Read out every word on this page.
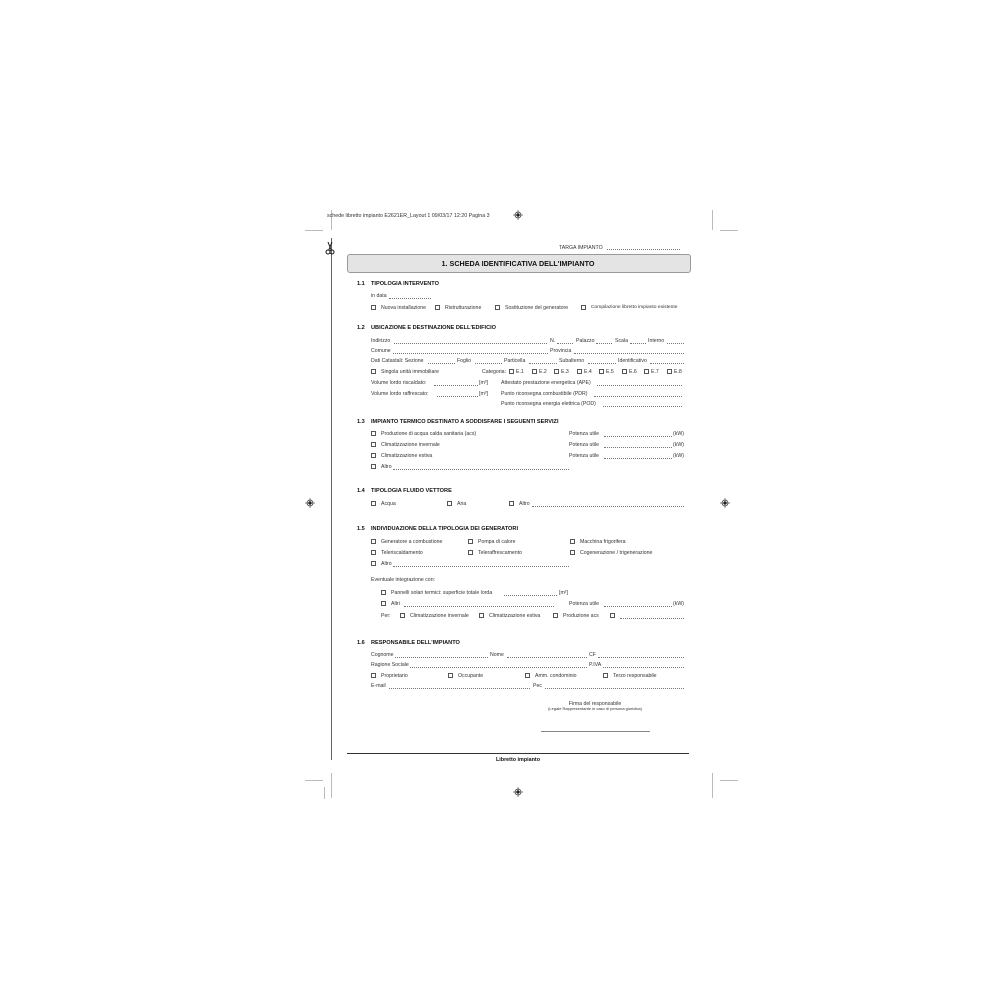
schede libretto impianto E2621ER_Layout 1 09/03/17 12:20 Pagina 3
TARGA IMPIANTO
1. SCHEDA IDENTIFICATIVA DELL'IMPIANTO
1.1 TIPOLOGIA INTERVENTO
in data
Nuova installazione	Ristrutturazione	Sostituzione del generatore	Compilazione libretto impianto esistente
1.2 UBICAZIONE E DESTINAZIONE DELL'EDIFICIO
Indirizzo	N.	Palazzo	Scala	Interno
Comune	Provincia
Dati Catastali: Sezione	Foglio	Particella	Subalterno	Identificativo
Singola unità immobiliare	Categoria: E.1	E.2	E.3	E.4	E.5	E.6	E.7	E.8
Volume lordo riscaldato:	[m³]	Attestato prestazione energetica (APE)
Volume lordo raffrescato:	[m³]	Punto riconsegna combustibile (PDR)
Punto riconsegna energia elettrica (POD)
1.3 IMPIANTO TERMICO DESTINATO A SODDISFARE I SEGUENTI SERVIZI
Produzione di acqua calda sanitaria (acs)	Potenza utile	(kW)
Climatizzazione invernale	Potenza utile	(kW)
Climatizzazione estiva	Potenza utile	(kW)
Altro
1.4 TIPOLOGIA FLUIDO VETTORE
Acqua	Aria	Altro
1.5 INDIVIDUAZIONE DELLA TIPOLOGIA DEI GENERATORI
Generatore a combustione	Pompa di calore	Macchina frigorifera
Teleriscaldamento	Teleraffrescamento	Cogenerazione / trigenerazione
Altro
Eventuale integrazione con:
Pannelli solari termici: superficie totale lorda	[m²]
Altri	Potenza utile	(kW)
Per:	Climatizzazione invernale	Climatizzazione estiva	Produzione acs
1.6 RESPONSABILE DELL'IMPIANTO
Cognome	Nome	CF
Ragione Sociale	P.IVA
Proprietario	Occupante	Amm. condominio	Terzo responsabile
E-mail	Pec
Firma del responsabile
(Legale Rappresentante in caso di persona giuridica)
Libretto impianto
